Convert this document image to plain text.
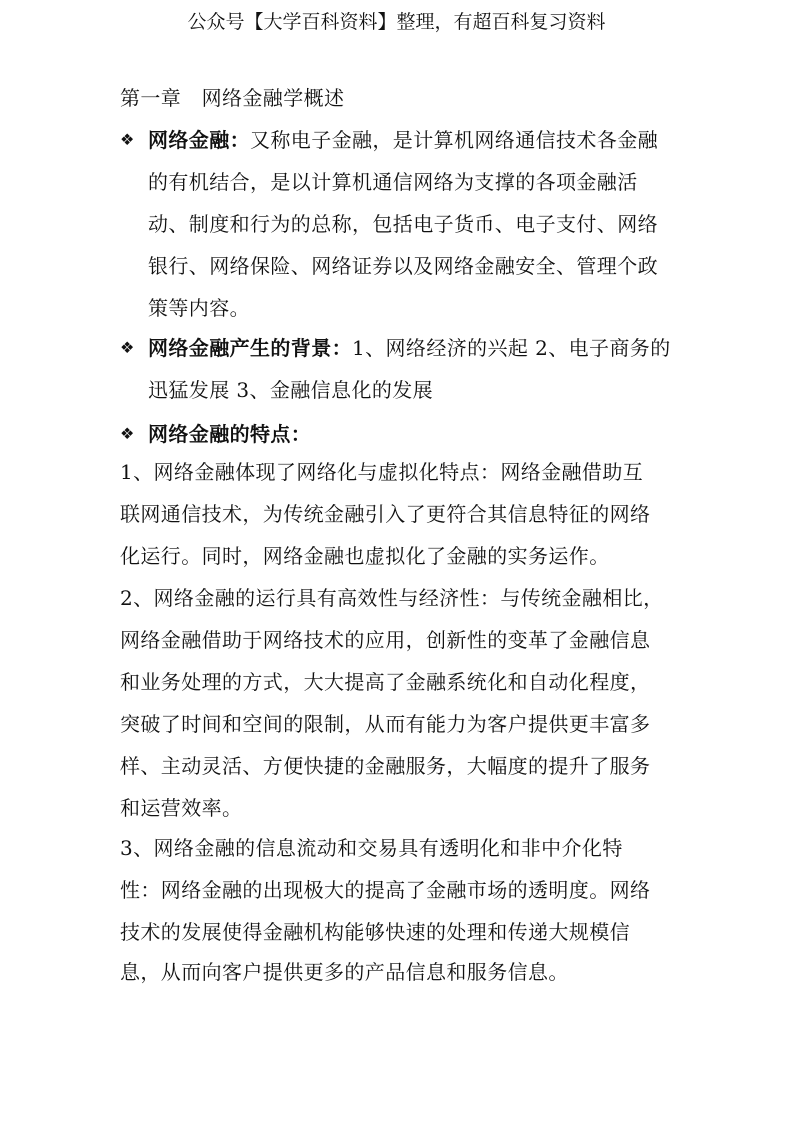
公众号【大学百科资料】整理，有超百科复习资料
第一章　网络金融学概述
❖ 网络金融：又称电子金融，是计算机网络通信技术各金融
的有机结合，是以计算机通信网络为支撑的各项金融活
动、制度和行为的总称，包括电子货币、电子支付、网络
银行、网络保险、网络证券以及网络金融安全、管理个政
策等内容。
❖ 网络金融产生的背景：1、网络经济的兴起 2、电子商务的
迅猛发展 3、金融信息化的发展
❖ 网络金融的特点：
1、网络金融体现了网络化与虚拟化特点：网络金融借助互
联网通信技术，为传统金融引入了更符合其信息特征的网络
化运行。同时，网络金融也虚拟化了金融的实务运作。
2、网络金融的运行具有高效性与经济性：与传统金融相比，
网络金融借助于网络技术的应用，创新性的变革了金融信息
和业务处理的方式，大大提高了金融系统化和自动化程度，
突破了时间和空间的限制，从而有能力为客户提供更丰富多
样、主动灵活、方便快捷的金融服务，大幅度的提升了服务
和运营效率。
3、网络金融的信息流动和交易具有透明化和非中介化特
性：网络金融的出现极大的提高了金融市场的透明度。网络
技术的发展使得金融机构能够快速的处理和传递大规模信
息，从而向客户提供更多的产品信息和服务信息。
